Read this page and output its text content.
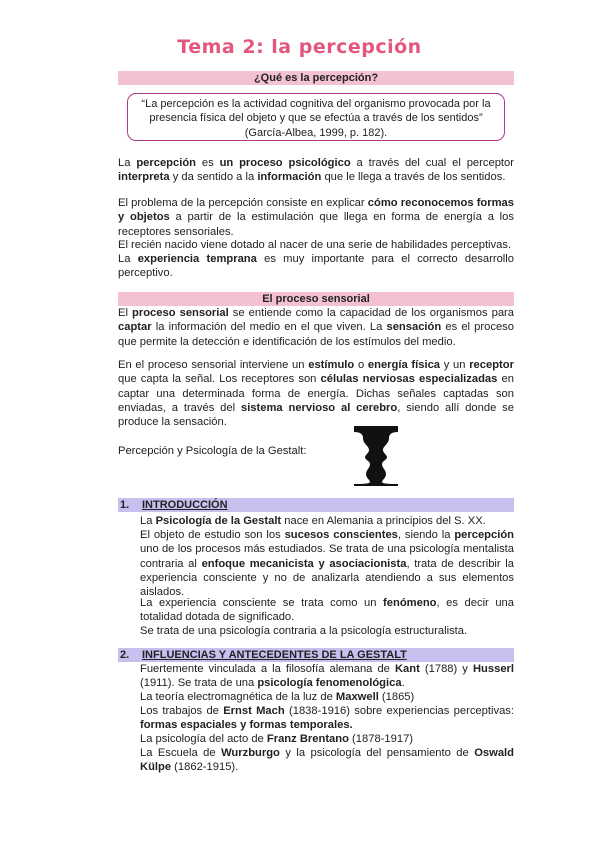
Tema 2: la percepción
¿Qué es la percepción?
“La percepción es la actividad cognitiva del organismo provocada por la
presencia física del objeto y que se efectúa a través de los sentidos”
(García-Albea, 1999, p. 182).
La percepción es un proceso psicológico a través del cual el perceptor interpreta y da sentido a la información que le llega a través de los sentidos.
El problema de la percepción consiste en explicar cómo reconocemos formas y objetos a partir de la estimulación que llega en forma de energía a los receptores sensoriales.
El recién nacido viene dotado al nacer de una serie de habilidades perceptivas.
La experiencia temprana es muy importante para el correcto desarrollo perceptivo.
El proceso sensorial
El proceso sensorial se entiende como la capacidad de los organismos para captar la información del medio en el que viven. La sensación es el proceso que permite la detección e identificación de los estímulos del medio.
En el proceso sensorial interviene un estímulo o energía física y un receptor que capta la señal. Los receptores son células nerviosas especializadas en captar una determinada forma de energía. Dichas señales captadas son enviadas, a través del sistema nervioso al cerebro, siendo allí donde se produce la sensación.
Percepción y Psicología de la Gestalt:
1. INTRODUCCIÓN
La Psicología de la Gestalt nace en Alemania a principios del S. XX.
El objeto de estudio son los sucesos conscientes, siendo la percepción uno de los procesos más estudiados. Se trata de una psicología mentalista contraria al enfoque mecanicista y asociacionista, trata de describir la experiencia consciente y no de analizarla atendiendo a sus elementos aislados.
La experiencia consciente se trata como un fenómeno, es decir una totalidad dotada de significado.
Se trata de una psicología contraria a la psicología estructuralista.
2. INFLUENCIAS Y ANTECEDENTES DE LA GESTALT
Fuertemente vinculada a la filosofía alemana de Kant (1788) y Husserl (1911). Se trata de una psicología fenomenológica.
La teoría electromagnética de la luz de Maxwell (1865)
Los trabajos de Ernst Mach (1838-1916) sobre experiencias perceptivas: formas espaciales y formas temporales.
La psicología del acto de Franz Brentano (1878-1917)
La Escuela de Wurzburgo y la psicología del pensamiento de Oswald Külpe (1862-1915).
